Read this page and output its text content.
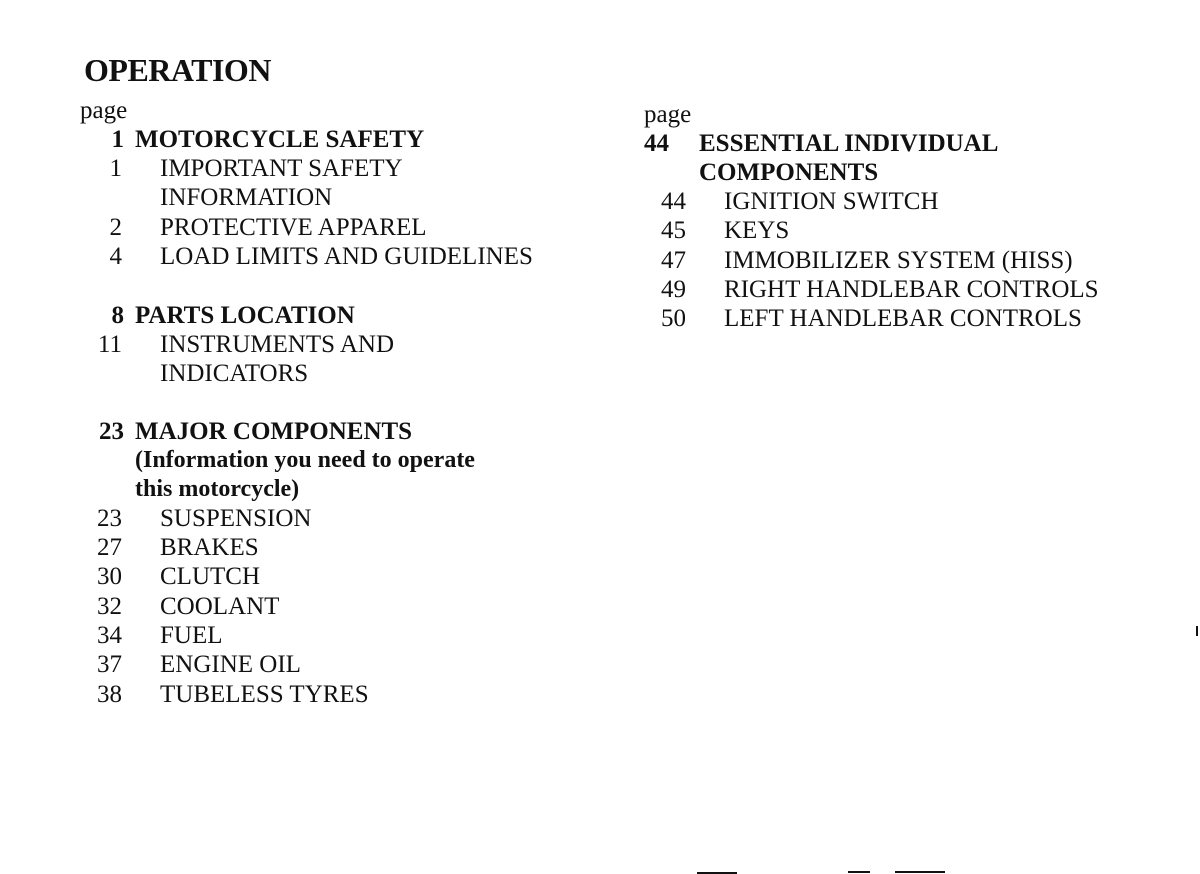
OPERATION
page
1 MOTORCYCLE SAFETY
1 IMPORTANT SAFETY
INFORMATION
2 PROTECTIVE APPAREL
4 LOAD LIMITS AND GUIDELINES
8 PARTS LOCATION
11 INSTRUMENTS AND
INDICATORS
23 MAJOR COMPONENTS
(Information you need to operate
this motorcycle)
23 SUSPENSION
27 BRAKES
30 CLUTCH
32 COOLANT
34 FUEL
37 ENGINE OIL
38 TUBELESS TYRES
page
44	ESSENTIAL INDIVIDUAL
COMPONENTS
44 IGNITION SWITCH
45 KEYS
47 IMMOBILIZER SYSTEM (HISS)
49 RIGHT HANDLEBAR CONTROLS
50 LEFT HANDLEBAR CONTROLS
